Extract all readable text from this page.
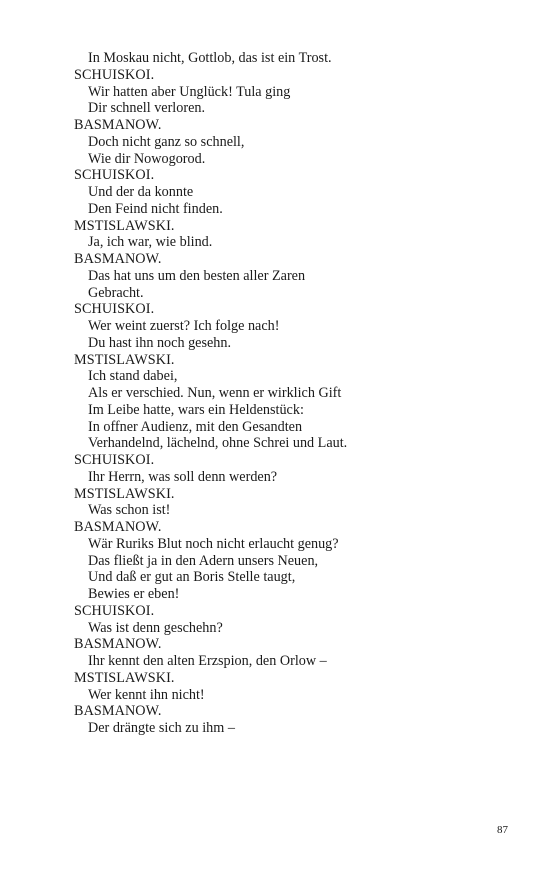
In Moskau nicht, Gottlob, das ist ein Trost.
SCHUISKOI.
Wir hatten aber Unglück! Tula ging
Dir schnell verloren.
BASMANOW.
Doch nicht ganz so schnell,
Wie dir Nowogorod.
SCHUISKOI.
Und der da konnte
Den Feind nicht finden.
MSTISLAWSKI.
Ja, ich war, wie blind.
BASMANOW.
Das hat uns um den besten aller Zaren
Gebracht.
SCHUISKOI.
Wer weint zuerst? Ich folge nach!
Du hast ihn noch gesehn.
MSTISLAWSKI.
Ich stand dabei,
Als er verschied. Nun, wenn er wirklich Gift
Im Leibe hatte, wars ein Heldenstück:
In offner Audienz, mit den Gesandten
Verhandelnd, lächelnd, ohne Schrei und Laut.
SCHUISKOI.
Ihr Herrn, was soll denn werden?
MSTISLAWSKI.
Was schon ist!
BASMANOW.
Wär Ruriks Blut noch nicht erlaucht genug?
Das fließt ja in den Adern unsers Neuen,
Und daß er gut an Boris Stelle taugt,
Bewies er eben!
SCHUISKOI.
Was ist denn geschehn?
BASMANOW.
Ihr kennt den alten Erzspion, den Orlow –
MSTISLAWSKI.
Wer kennt ihn nicht!
BASMANOW.
Der drängte sich zu ihm –
87
